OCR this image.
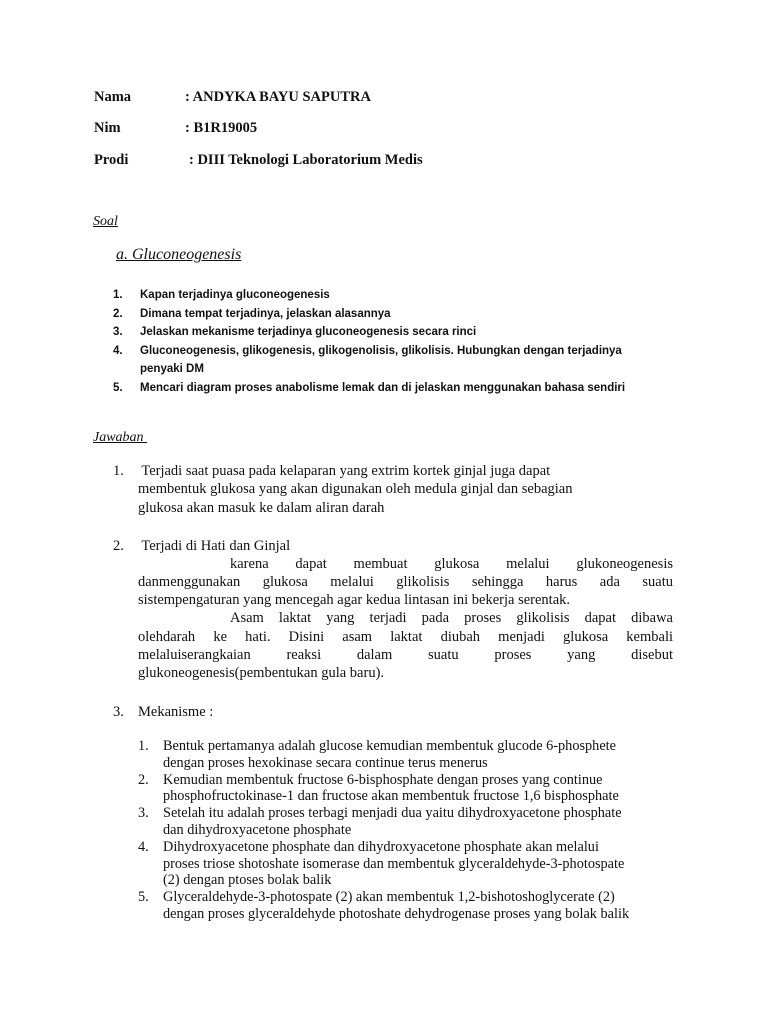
Nama	: ANDYKA BAYU SAPUTRA
Nim	: B1R19005
Prodi	: DIII Teknologi Laboratorium Medis
Soal
a. Gluconeogenesis
1. Kapan terjadinya gluconeogenesis
2. Dimana tempat terjadinya, jelaskan alasannya
3. Jelaskan mekanisme terjadinya gluconeogenesis secara rinci
4. Gluconeogenesis, glikogenesis, glikogenolisis, glikolisis. Hubungkan dengan terjadinya
penyaki DM
5. Mencari diagram proses anabolisme lemak dan di jelaskan menggunakan bahasa sendiri
Jawaban
1. Terjadi saat puasa pada kelaparan yang extrim kortek ginjal juga dapat
membentuk glukosa yang akan digunakan oleh medula ginjal dan sebagian
glukosa akan masuk ke dalam aliran darah
2. Terjadi di Hati dan Ginjal
karena dapat membuat glukosa melalui glukoneogenesis
danmenggunakan glukosa melalui glikolisis sehingga harus ada suatu
sistempengaturan yang mencegah agar kedua lintasan ini bekerja serentak.
Asam laktat yang terjadi pada proses glikolisis dapat dibawa
olehdarah ke hati. Disini asam laktat diubah menjadi glukosa kembali
melaluiserangkaian reaksi dalam suatu proses yang disebut
glukoneogenesis(pembentukan gula baru).
3. Mekanisme :
1. Bentuk pertamanya adalah glucose kemudian membentuk glucode 6-phosphete
dengan proses hexokinase secara continue terus menerus
2. Kemudian membentuk fructose 6-bisphosphate dengan proses yang continue
phosphofructokinase-1 dan fructose akan membentuk fructose 1,6 bisphosphate
3. Setelah itu adalah proses terbagi menjadi dua yaitu dihydroxyacetone phosphate
dan dihydroxyacetone phosphate
4. Dihydroxyacetone phosphate dan dihydroxyacetone phosphate akan melalui
proses triose shotoshate isomerase dan membentuk glyceraldehyde-3-photospate
(2) dengan ptoses bolak balik
5. Glyceraldehyde-3-photospate (2) akan membentuk 1,2-bishotoshoglycerate (2)
dengan proses glyceraldehyde photoshate dehydrogenase proses yang bolak balik
